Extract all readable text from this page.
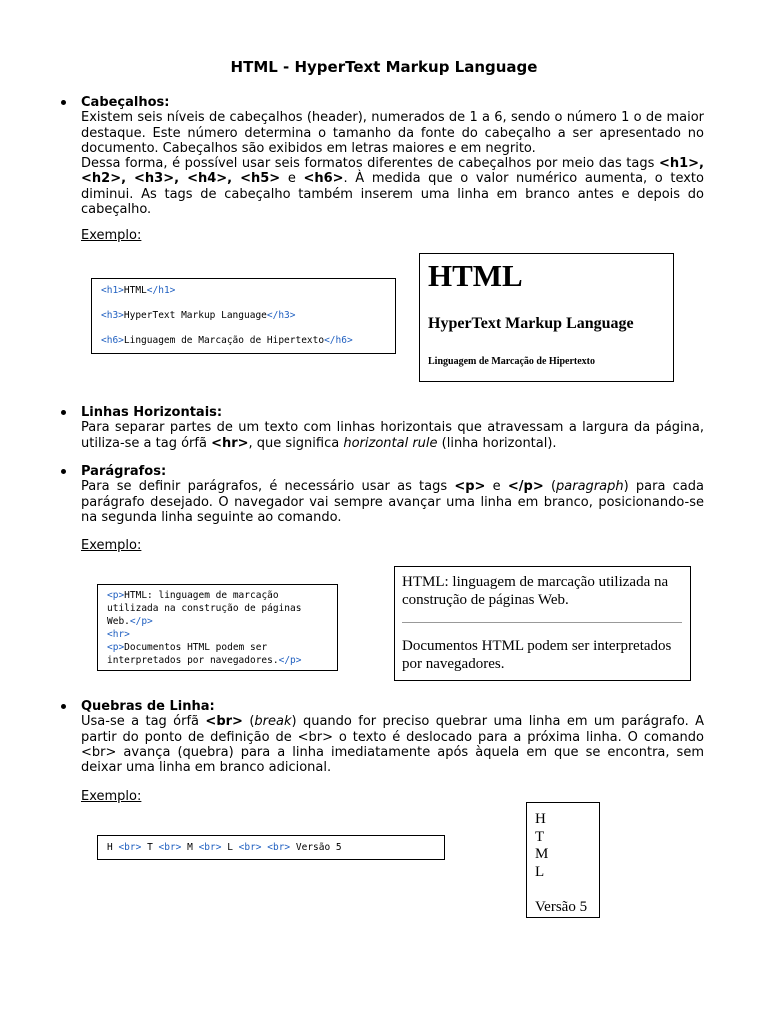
HTML - HyperText Markup Language
Cabeçalhos:
Existem seis níveis de cabeçalhos (header), numerados de 1 a 6, sendo o número 1 o de maior destaque. Este número determina o tamanho da fonte do cabeçalho a ser apresentado no documento. Cabeçalhos são exibidos em letras maiores e em negrito.
Dessa forma, é possível usar seis formatos diferentes de cabeçalhos por meio das tags <h1>, <h2>, <h3>, <h4>, <h5> e <h6>. À medida que o valor numérico aumenta, o texto diminui. As tags de cabeçalho também inserem uma linha em branco antes e depois do cabeçalho.
Exemplo:
<h1>HTML</h1>
<h3>HyperText Markup Language</h3>
<h6>Linguagem de Marcação de Hipertexto</h6>
HTML
HyperText Markup Language
Linguagem de Marcação de Hipertexto
Linhas Horizontais:
Para separar partes de um texto com linhas horizontais que atravessam a largura da página, utiliza-se a tag órfã <hr>, que significa horizontal rule (linha horizontal).
Parágrafos:
Para se definir parágrafos, é necessário usar as tags <p> e </p> (paragraph) para cada parágrafo desejado. O navegador vai sempre avançar uma linha em branco, posicionando-se na segunda linha seguinte ao comando.
Exemplo:
<p>HTML: linguagem de marcação
utilizada na construção de páginas
Web.</p>
<hr>
<p>Documentos HTML podem ser
interpretados por navegadores.</p>
HTML: linguagem de marcação utilizada na construção de páginas Web.
Documentos HTML podem ser interpretados por navegadores.
Quebras de Linha:
Usa-se a tag órfã <br> (break) quando for preciso quebrar uma linha em um parágrafo. A partir do ponto de definição de <br> o texto é deslocado para a próxima linha. O comando <br> avança (quebra) para a linha imediatamente após àquela em que se encontra, sem deixar uma linha em branco adicional.
Exemplo:
H <br> T <br> M <br> L <br> <br> Versão 5
H
T
M
L
Versão 5
